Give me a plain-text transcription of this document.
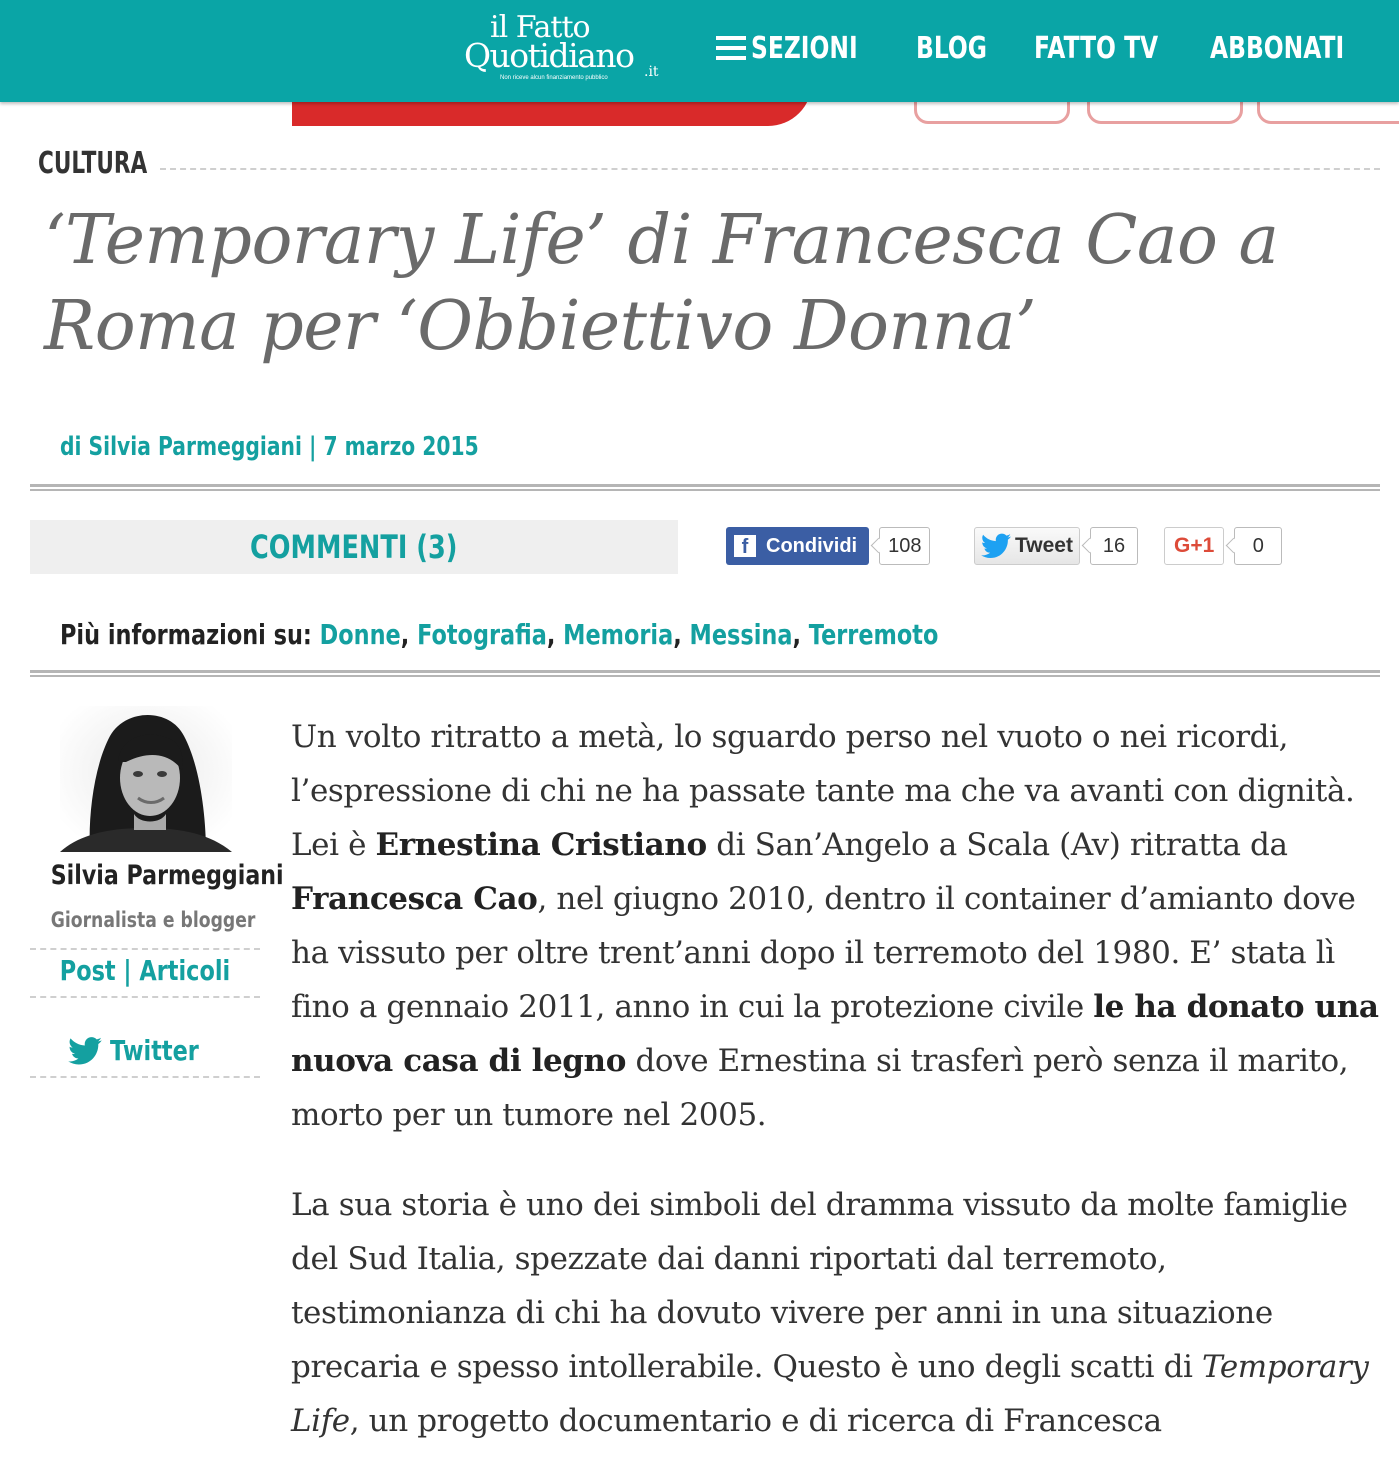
il Fatto
Quotidiano .it
Non riceve alcun finanziamento pubblico
SEZIONI BLOG	FATTO TV	ABBONATI
CULTURA
‘Temporary Life’ di Francesca Cao a Roma per ‘Obbiettivo Donna’
di Silvia Parmeggiani | 7 marzo 2015
COMMENTI (3)	f Condividi	108	Tweet	16	G+1	0
Più informazioni su: Donne, Fotografia, Memoria, Messina, Terremoto
Silvia Parmeggiani
Giornalista e blogger
Post | Articoli
Twitter

Un volto ritratto a metà, lo sguardo perso nel vuoto o nei ricordi, l’espressione di chi ne ha passate tante ma che va avanti con dignità. Lei è Ernestina Cristiano di San’Angelo a Scala (Av) ritratta da Francesca Cao, nel giugno 2010, dentro il container d’amianto dove ha vissuto per oltre trent’anni dopo il terremoto del 1980. E’ stata lì fino a gennaio 2011, anno in cui la protezione civile le ha donato una nuova casa di legno dove Ernestina si trasferì però senza il marito, morto per un tumore nel 2005.

La sua storia è uno dei simboli del dramma vissuto da molte famiglie del Sud Italia, spezzate dai danni riportati dal terremoto, testimonianza di chi ha dovuto vivere per anni in una situazione precaria e spesso intollerabile. Questo è uno degli scatti di Temporary Life, un progetto documentario e di ricerca di Francesca
